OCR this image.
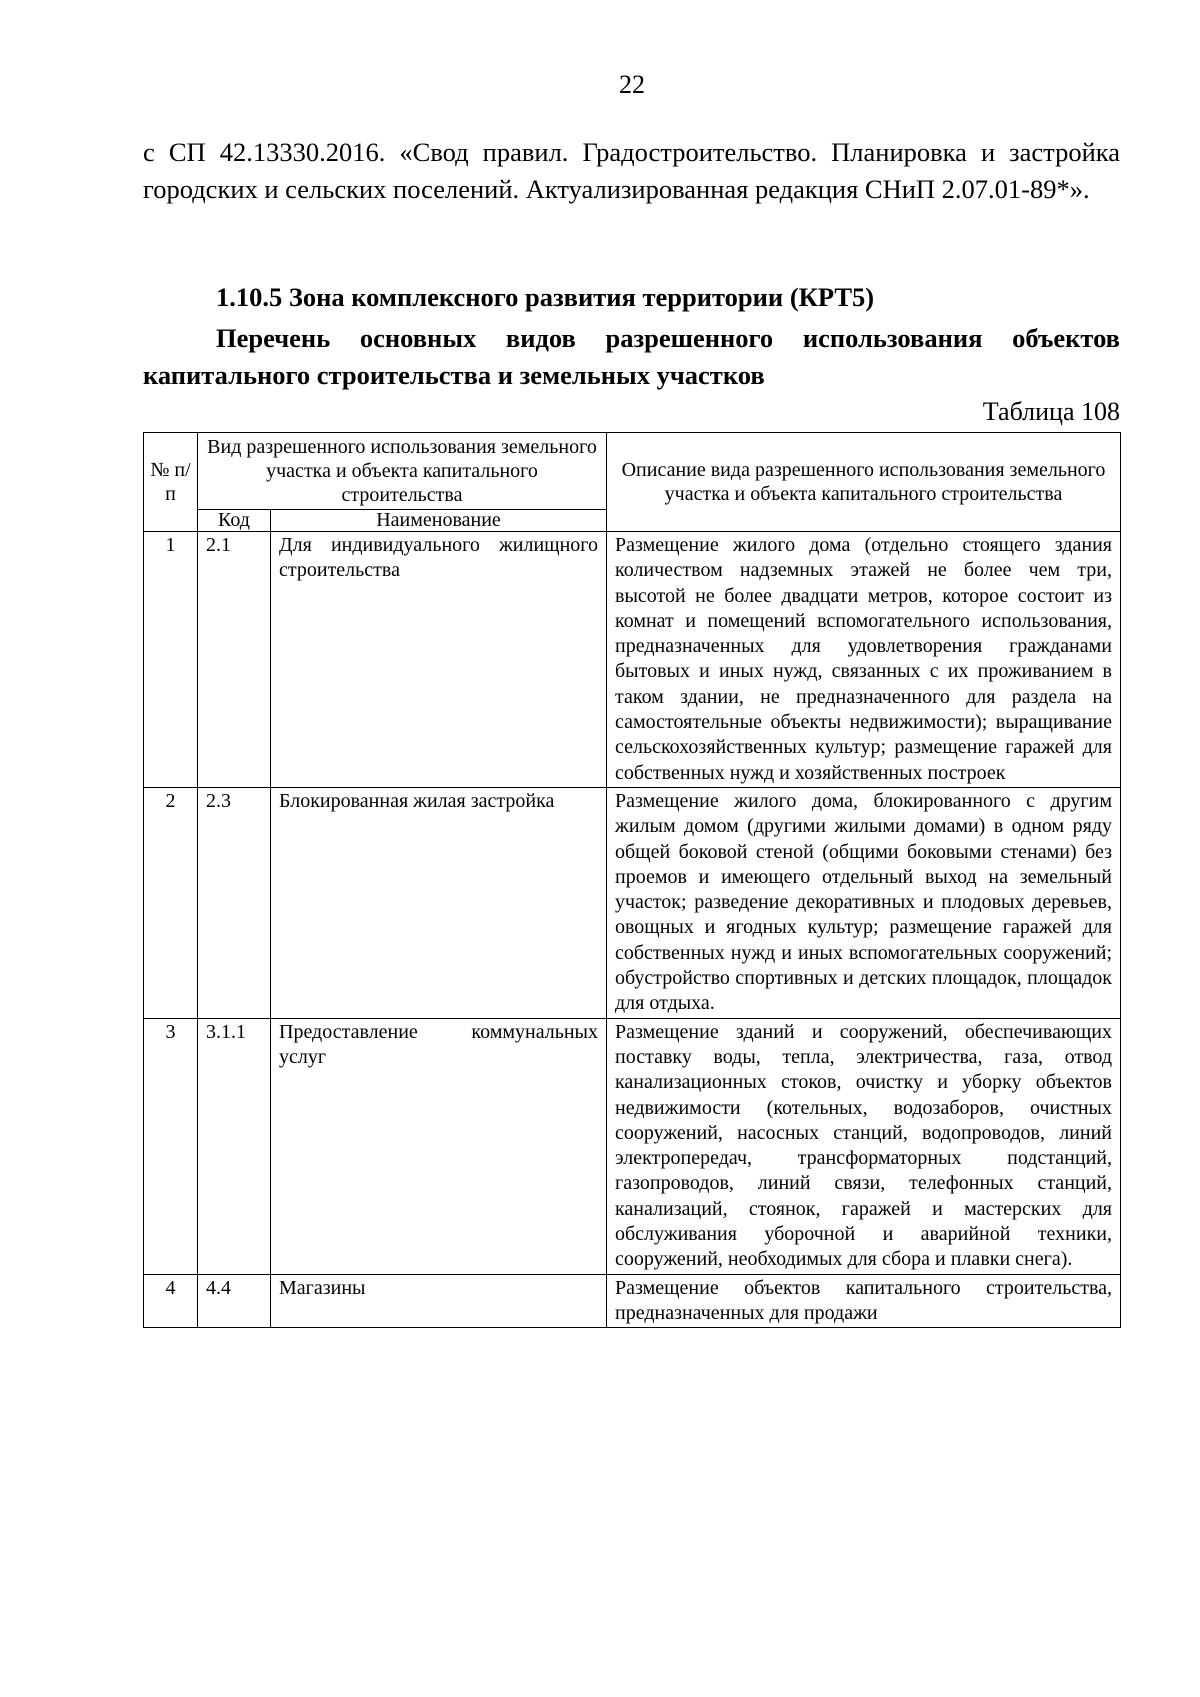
22
с СП 42.13330.2016. «Свод правил. Градостроительство. Планировка и застройка городских и сельских поселений. Актуализированная редакция СНиП 2.07.01-89*».
1.10.5 Зона комплексного развития территории (КРТ5)
Перечень основных видов разрешенного использования объектов капитального строительства и земельных участков
Таблица 108
№ п/п	Вид разрешенного использования земельного участка и объекта капитального строительства		Описание вида разрешенного использования земельного участка и объекта капитального строительства
	Код	Наименование	
1	2.1	Для индивидуального жилищного строительства	Размещение жилого дома (отдельно стоящего здания количеством надземных этажей не более чем три, высотой не более двадцати метров, которое состоит из комнат и помещений вспомогательного использования, предназначенных для удовлетворения гражданами бытовых и иных нужд, связанных с их проживанием в таком здании, не предназначенного для раздела на самостоятельные объекты недвижимости); выращивание сельскохозяйственных культур; размещение гаражей для собственных нужд и хозяйственных построек
2	2.3	Блокированная жилая застройка	Размещение жилого дома, блокированного с другим жилым домом (другими жилыми домами) в одном ряду общей боковой стеной (общими боковыми стенами) без проемов и имеющего отдельный выход на земельный участок; разведение декоративных и плодовых деревьев, овощных и ягодных культур; размещение гаражей для собственных нужд и иных вспомогательных сооружений; обустройство спортивных и детских площадок, площадок для отдыха.
3	3.1.1	Предоставление коммунальных услуг	Размещение зданий и сооружений, обеспечивающих поставку воды, тепла, электричества, газа, отвод канализационных стоков, очистку и уборку объектов недвижимости (котельных, водозаборов, очистных сооружений, насосных станций, водопроводов, линий электропередач, трансформаторных подстанций, газопроводов, линий связи, телефонных станций, канализаций, стоянок, гаражей и мастерских для обслуживания уборочной и аварийной техники, сооружений, необходимых для сбора и плавки снега).
4	4.4	Магазины	Размещение объектов капитального строительства, предназначенных для продажи
